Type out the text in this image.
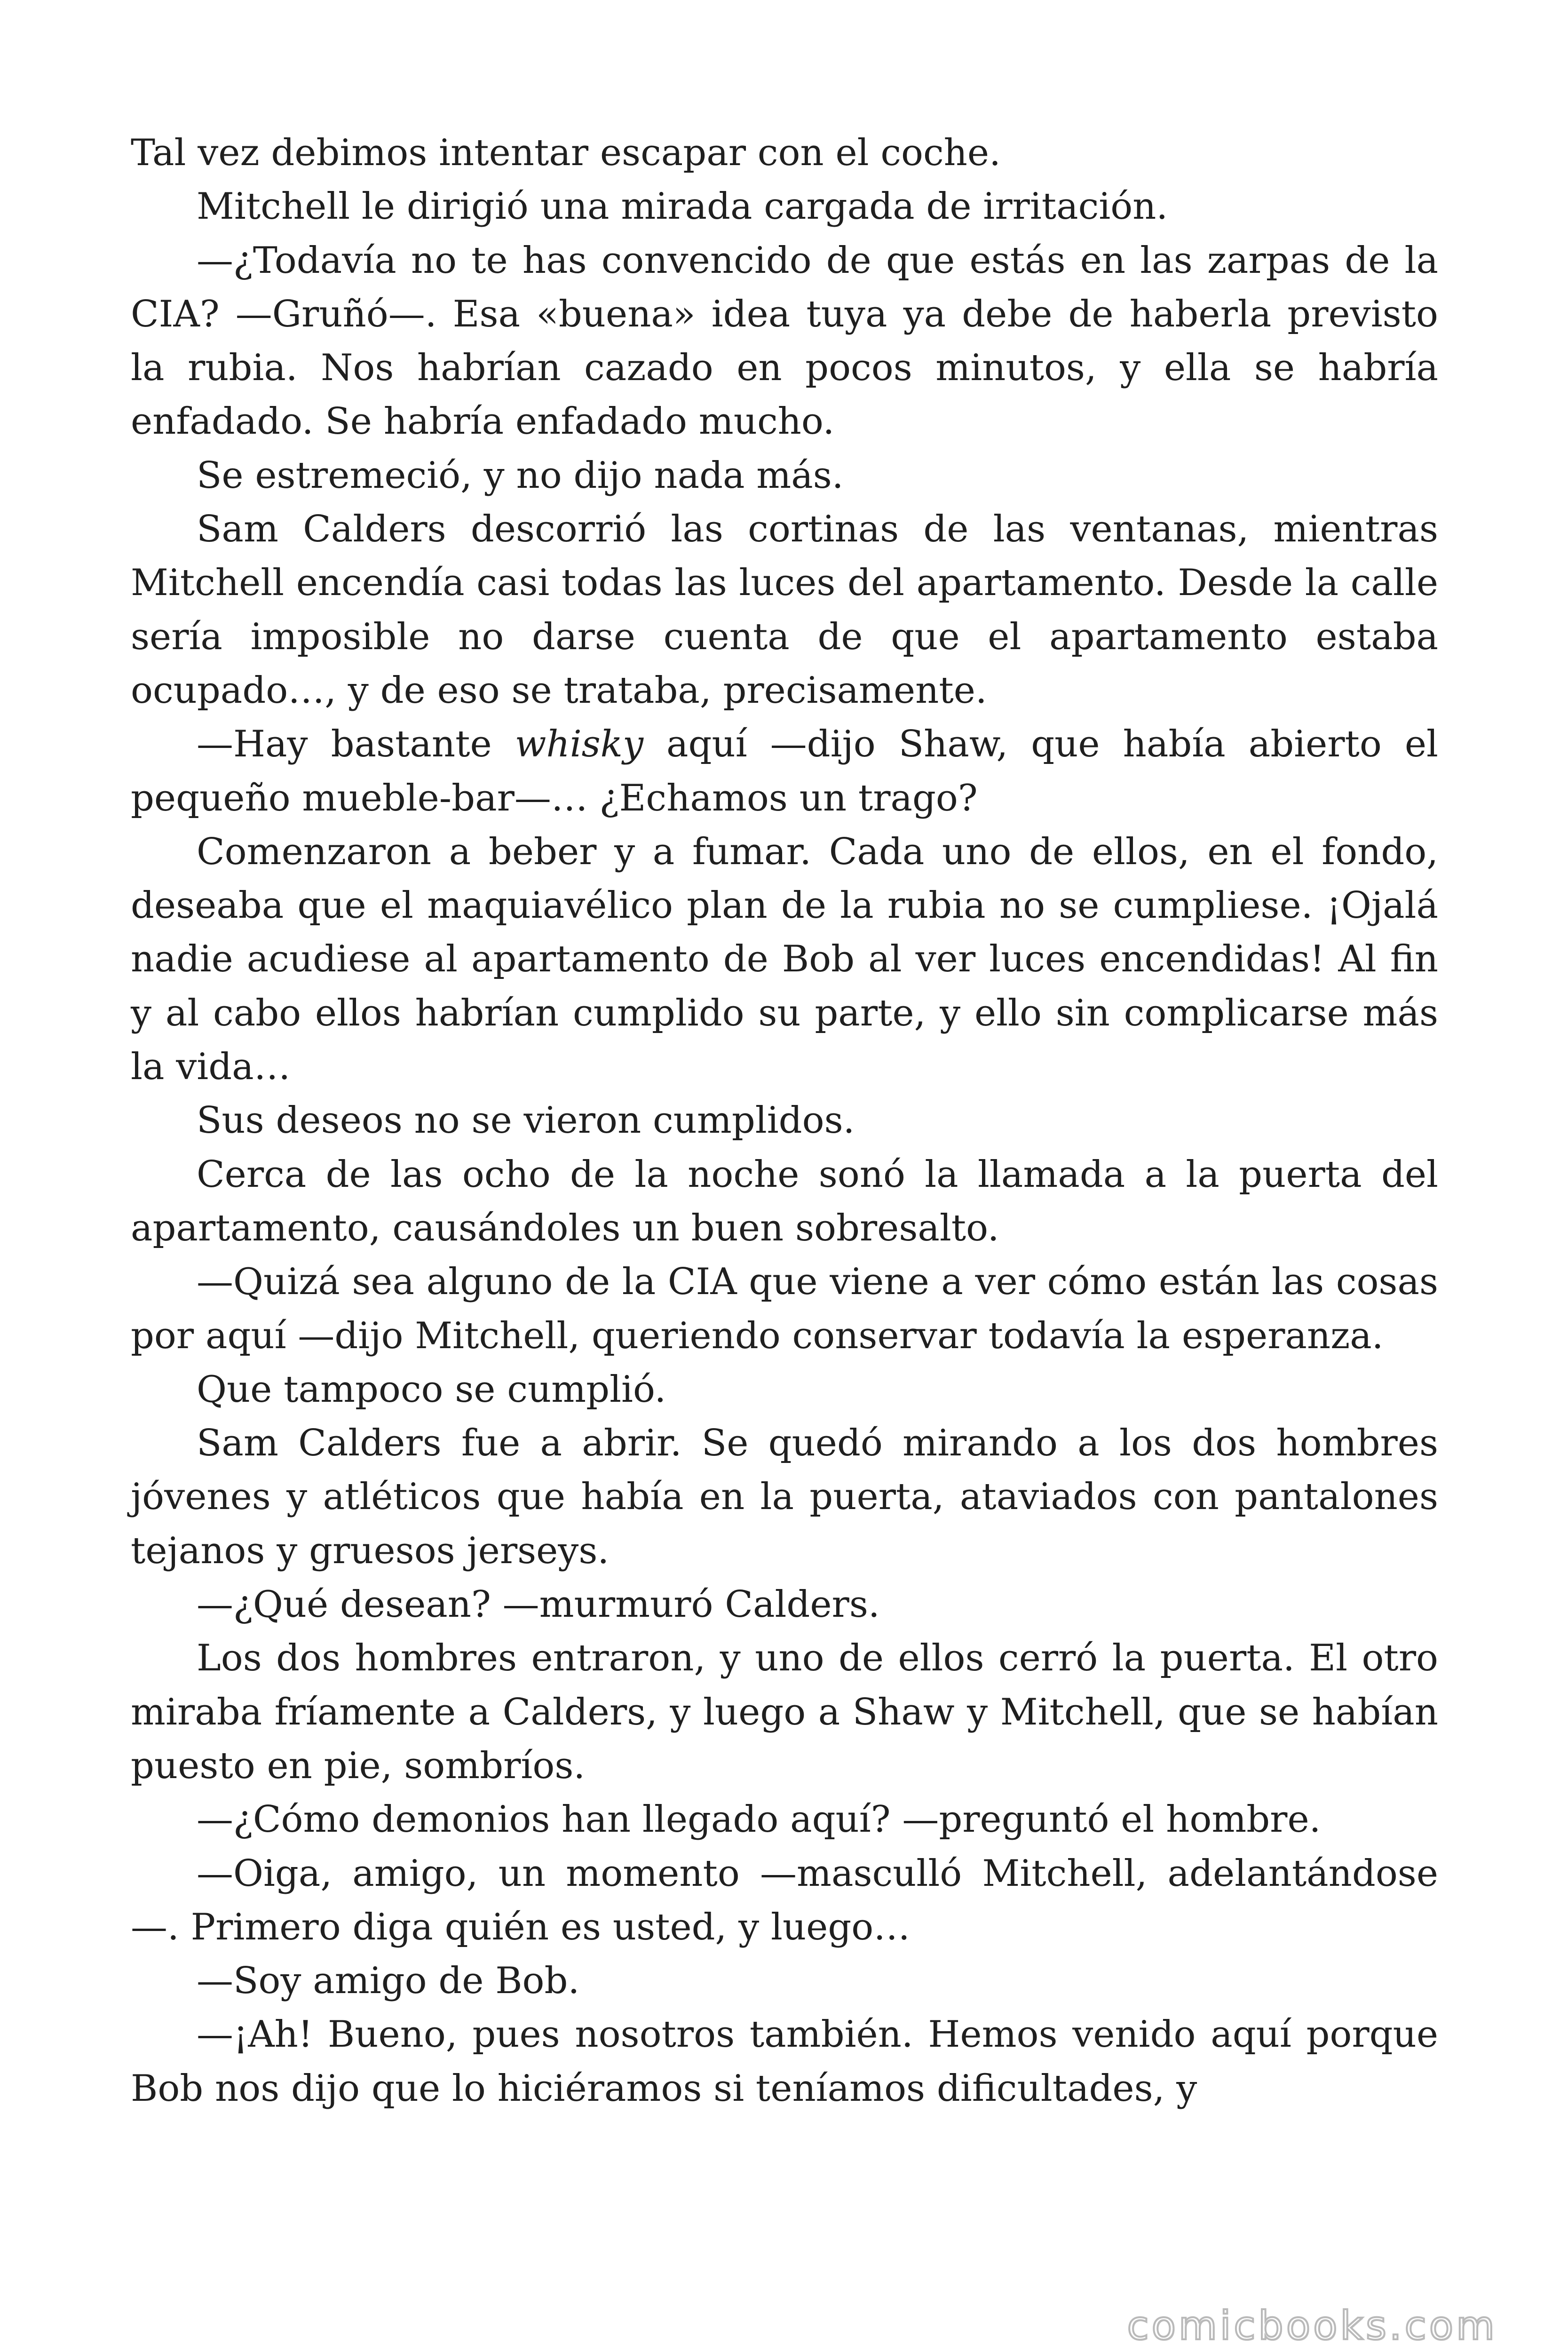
Tal vez debimos intentar escapar con el coche.

Mitchell le dirigió una mirada cargada de irritación.

—¿Todavía no te has convencido de que estás en las zarpas de la CIA? —Gruñó—. Esa «buena» idea tuya ya debe de haberla previsto la rubia. Nos habrían cazado en pocos minutos, y ella se habría enfadado. Se habría enfadado mucho.

Se estremeció, y no dijo nada más.

Sam Calders descorrió las cortinas de las ventanas, mientras Mitchell encendía casi todas las luces del apartamento. Desde la calle sería imposible no darse cuenta de que el apartamento estaba ocupado…, y de eso se trataba, precisamente.

—Hay bastante whisky aquí —dijo Shaw, que había abierto el pequeño mueble-bar—… ¿Echamos un trago?

Comenzaron a beber y a fumar. Cada uno de ellos, en el fondo, deseaba que el maquiavélico plan de la rubia no se cumpliese. ¡Ojalá nadie acudiese al apartamento de Bob al ver luces encendidas! Al fin y al cabo ellos habrían cumplido su parte, y ello sin complicarse más la vida…

Sus deseos no se vieron cumplidos.

Cerca de las ocho de la noche sonó la llamada a la puerta del apartamento, causándoles un buen sobresalto.

—Quizá sea alguno de la CIA que viene a ver cómo están las cosas por aquí —dijo Mitchell, queriendo conservar todavía la esperanza.

Que tampoco se cumplió.

Sam Calders fue a abrir. Se quedó mirando a los dos hombres jóvenes y atléticos que había en la puerta, ataviados con pantalones tejanos y gruesos jerseys.

—¿Qué desean? —murmuró Calders.

Los dos hombres entraron, y uno de ellos cerró la puerta. El otro miraba fríamente a Calders, y luego a Shaw y Mitchell, que se habían puesto en pie, sombríos.

—¿Cómo demonios han llegado aquí? —preguntó el hombre.

—Oiga, amigo, un momento —masculló Mitchell, adelantándose —. Primero diga quién es usted, y luego…

—Soy amigo de Bob.

—¡Ah! Bueno, pues nosotros también. Hemos venido aquí porque Bob nos dijo que lo hiciéramos si teníamos dificultades, y

comicbooks.com
